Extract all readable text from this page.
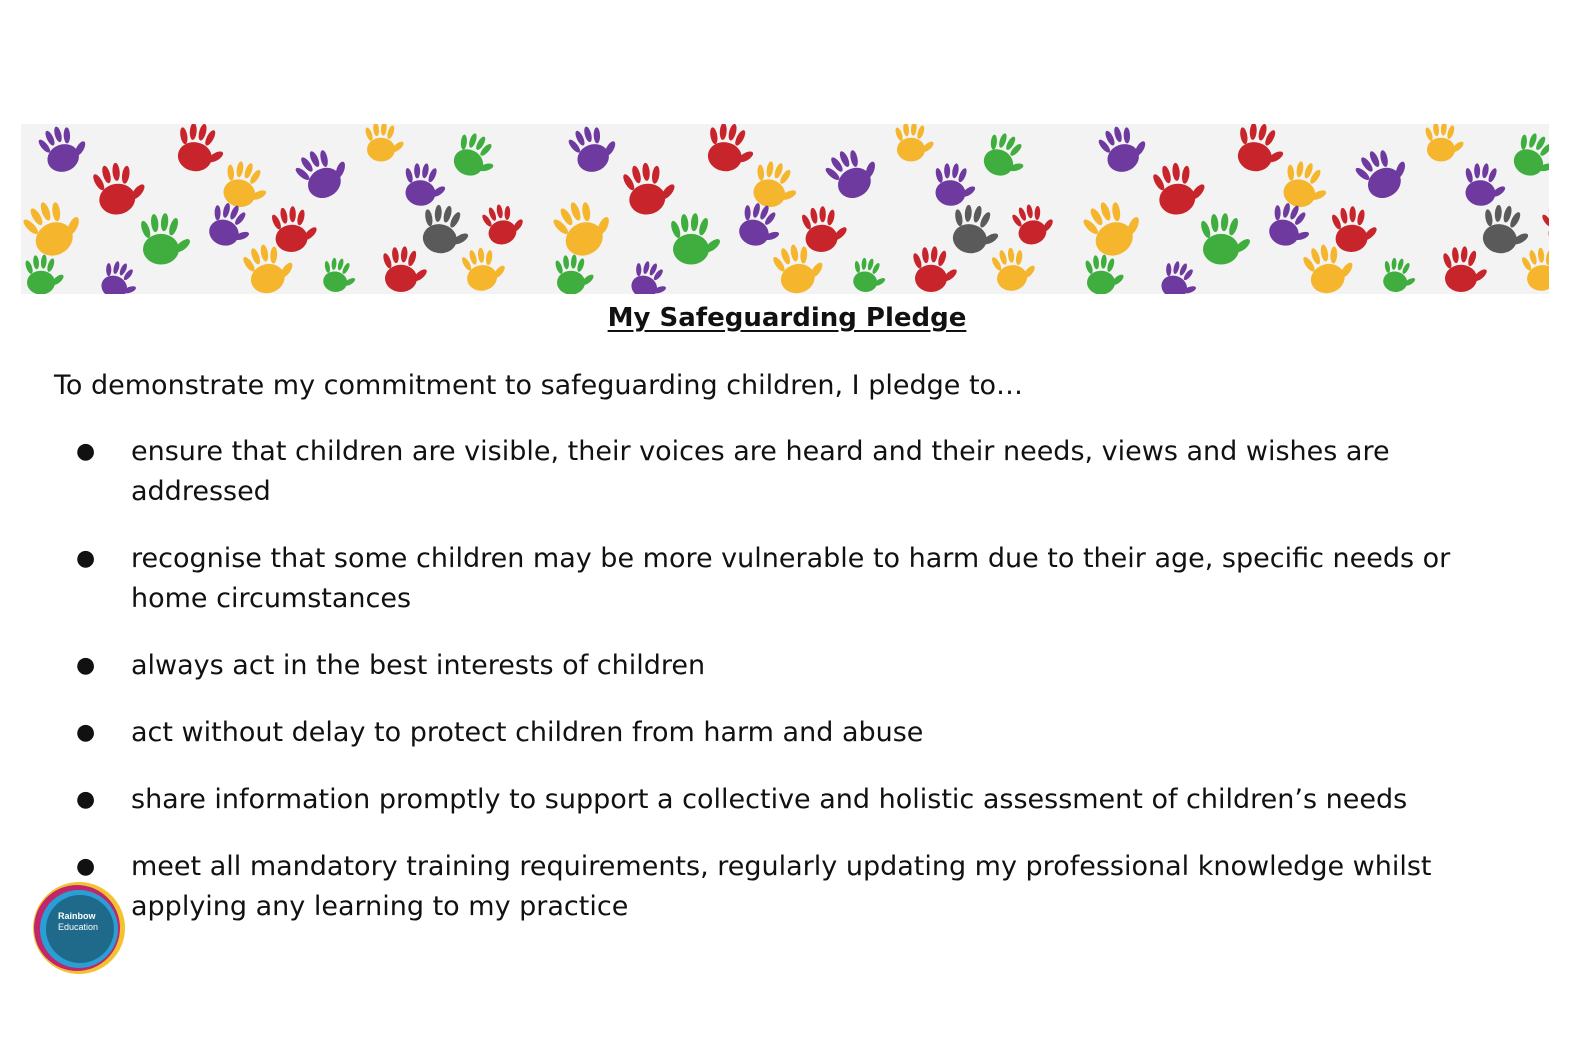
My Safeguarding Pledge
To demonstrate my commitment to safeguarding children, I pledge to…
● ensure that children are visible, their voices are heard and their needs, views and wishes are addressed
● recognise that some children may be more vulnerable to harm due to their age, specific needs or home circumstances
● always act in the best interests of children
● act without delay to protect children from harm and abuse
● share information promptly to support a collective and holistic assessment of children’s needs
● meet all mandatory training requirements, regularly updating my professional knowledge whilst applying any learning to my practice
Rainbow
Education
